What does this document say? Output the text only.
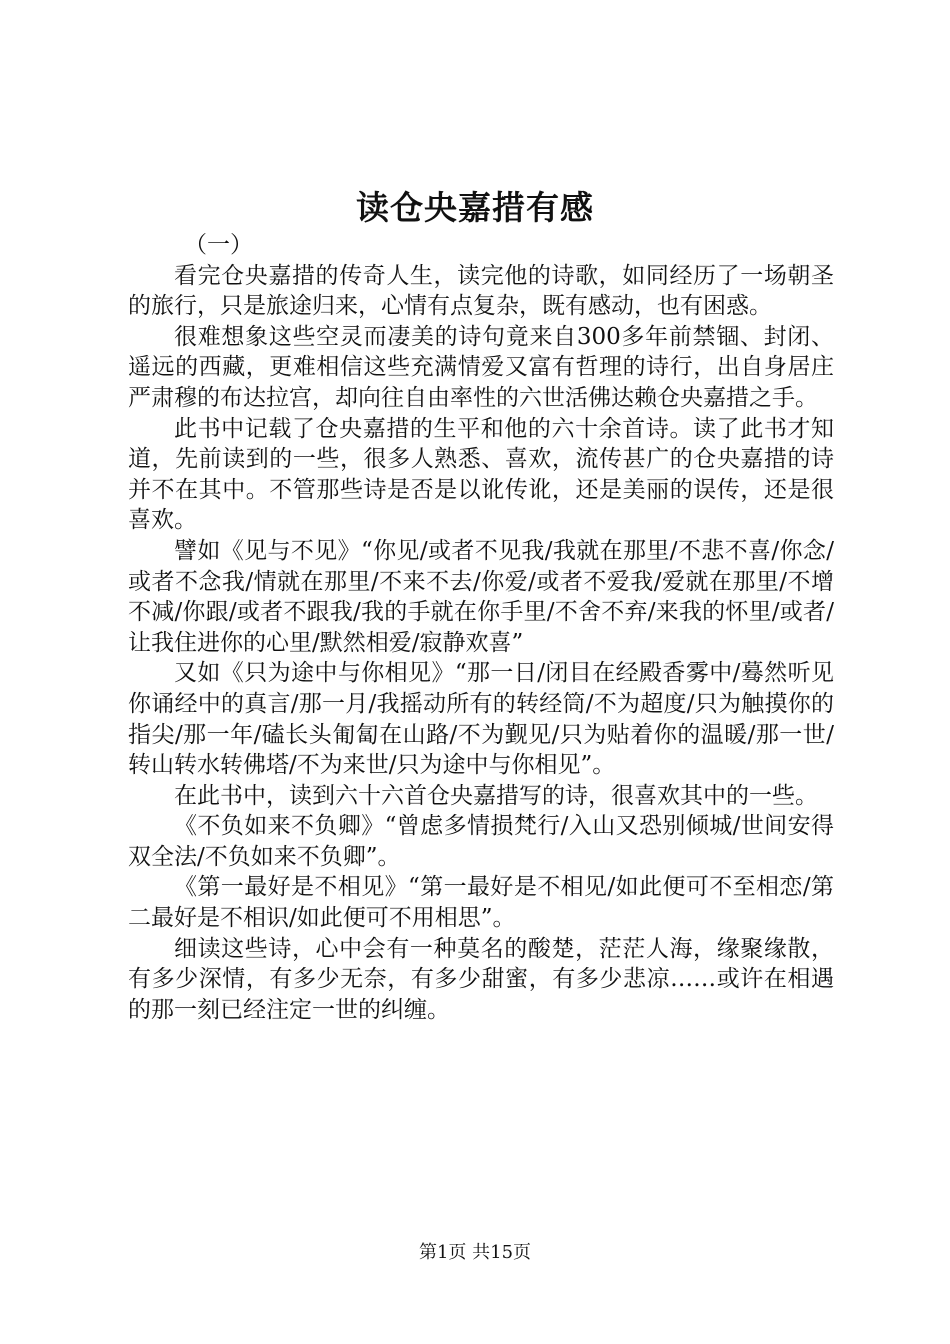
读仓央嘉措有感

（一）

看完仓央嘉措的传奇人生，读完他的诗歌，如同经历了一场朝圣的旅行，只是旅途归来，心情有点复杂，既有感动，也有困惑。

很难想象这些空灵而凄美的诗句竟来自300多年前禁锢、封闭、遥远的西藏，更难相信这些充满情爱又富有哲理的诗行，出自身居庄严肃穆的布达拉宫，却向往自由率性的六世活佛达赖仓央嘉措之手。

此书中记载了仓央嘉措的生平和他的六十余首诗。读了此书才知道，先前读到的一些，很多人熟悉、喜欢，流传甚广的仓央嘉措的诗并不在其中。不管那些诗是否是以讹传讹，还是美丽的误传，还是很喜欢。

譬如《见与不见》“你见/或者不见我/我就在那里/不悲不喜/你念/或者不念我/情就在那里/不来不去/你爱/或者不爱我/爱就在那里/不增不减/你跟/或者不跟我/我的手就在你手里/不舍不弃/来我的怀里/或者/让我住进你的心里/默然相爱/寂静欢喜”

又如《只为途中与你相见》“那一日/闭目在经殿香雾中/蓦然听见你诵经中的真言/那一月/我摇动所有的转经筒/不为超度/只为触摸你的指尖/那一年/磕长头匍匐在山路/不为觐见/只为贴着你的温暖/那一世/转山转水转佛塔/不为来世/只为途中与你相见”。

在此书中，读到六十六首仓央嘉措写的诗，很喜欢其中的一些。

《不负如来不负卿》“曾虑多情损梵行/入山又恐别倾城/世间安得双全法/不负如来不负卿”。

《第一最好是不相见》“第一最好是不相见/如此便可不至相恋/第二最好是不相识/如此便可不用相思”。

细读这些诗，心中会有一种莫名的酸楚，茫茫人海，缘聚缘散，有多少深情，有多少无奈，有多少甜蜜，有多少悲凉……或许在相遇的那一刻已经注定一世的纠缠。

第1页 共15页
